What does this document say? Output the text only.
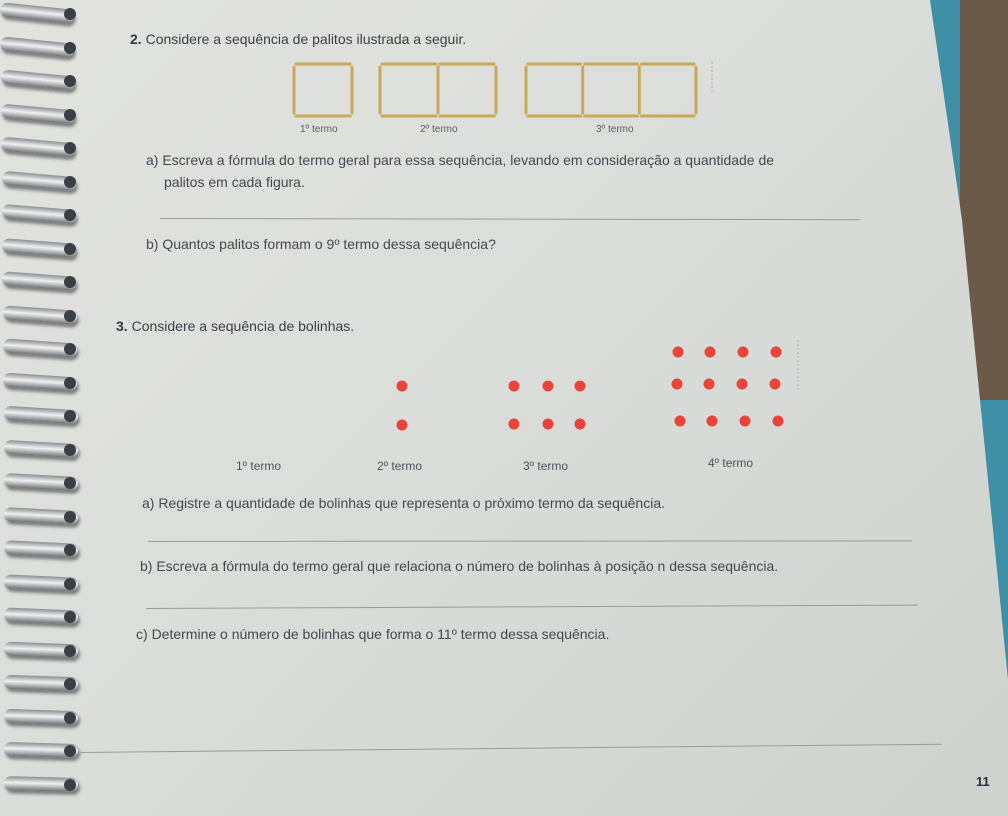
2. Considere a sequência de palitos ilustrada a seguir.
1º termo	2º termo	3º termo
a) Escreva a fórmula do termo geral para essa sequência, levando em consideração a quantidade de
palitos em cada figura.
b) Quantos palitos formam o 9º termo dessa sequência?
3. Considere a sequência de bolinhas.
1º termo	2º termo	3º termo	4º termo
a) Registre a quantidade de bolinhas que representa o próximo termo da sequência.
b) Escreva a fórmula do termo geral que relaciona o número de bolinhas à posição n dessa sequência.
c) Determine o número de bolinhas que forma o 11º termo dessa sequência.
11
